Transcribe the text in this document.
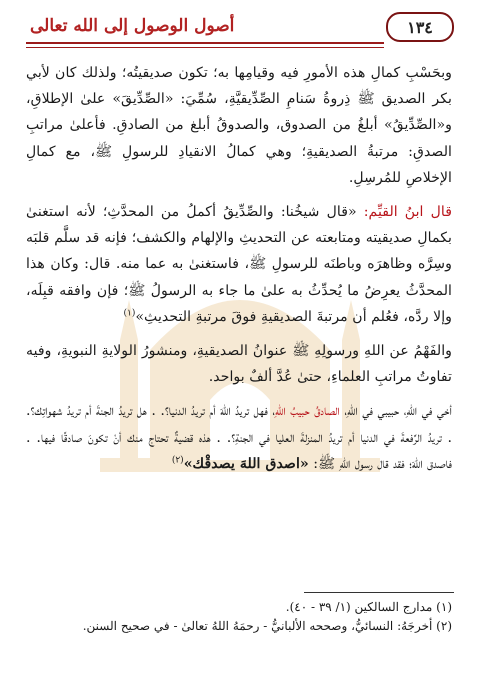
١٣٤
أصول الوصول إلى الله تعالى

وبحَسْبِ كمالِ هذه الأمورِ فيه وقيامِها به؛ تكون صديقيتُه؛ ولذلك كان لأبي بكر الصديق ﷺ ذِروةُ سَنامِ الصِّدِّيقيَّةِ، سُمِّيَ: «الصِّدِّيقَ» علىٰ الإطلاقِ، و«الصِّدِّيقُ» أبلغُ من الصدوق، والصدوقُ أبلغ من الصادقِ. فأعلىٰ مراتبِ الصدقِ: مرتبةُ الصديقيةِ؛ وهي كمالُ الانقيادِ للرسولِ ﷺ، مع كمالِ الإخلاصِ للمُرسِلِ.

قال ابنُ القيِّم: «قال شيخُنا: والصِّدِّيقُ أكملُ من المحدَّثِ؛ لأنه استغنىٰ بكمالِ صديقيته ومتابعته عن التحديثِ والإلهام والكشف؛ فإنه قد سلَّم قلبَه وسِرَّه وظاهرَه وباطنَه للرسولِ ﷺ، فاستغنىٰ به عما منه. قال: وكان هذا المحدَّثُ يعرِضُ ما يُحدِّثُ به علىٰ ما جاء به الرسولُ ﷺ؛ فإن وافقه قبِلَه، وإلا ردَّه، فعُلم أن مرتبةَ الصديقيةِ فوقَ مرتبةِ التحديثِ»$^{(١)}$

والفَهْمُ عن اللهِ ورسولِهِ ﷺ عنوانُ الصديقيةِ، ومنشورُ الولايةِ النبويةِ، وفيه تفاوتُ مراتبِ العلماءِ، حتىٰ عُدَّ ألفٌ بواحد.

أخي في اللهِ، حبيبي في اللهِ، الصادقُ حبيبُ اللهِ، فهل تريدُ اللهَ أم تريدُ الدنيا؟. . هل تريدُ الجنةَ أم تريدُ شهواتِك؟. . تريدُ الرِّفعةَ في الدنيا أم تريدُ المنزلةَ العليا في الجنةِ؟. . هذه قضيةٌ تحتاج منك أنْ تكونَ صادقًا فيها. . فاصدق اللهَ؛ فقد قال رسول اللهِ ﷺ: «اصدق اللهَ يصدقْك»$^{(٢)}$

(١) مدارج السالكين (١/ ٣٩ - ٤٠).

(٢) أخرجَهُ: النسائيُّ، وصححه الألبانيُّ - رحمَهُ اللهُ تعالىٰ - في صحيح السنن.
